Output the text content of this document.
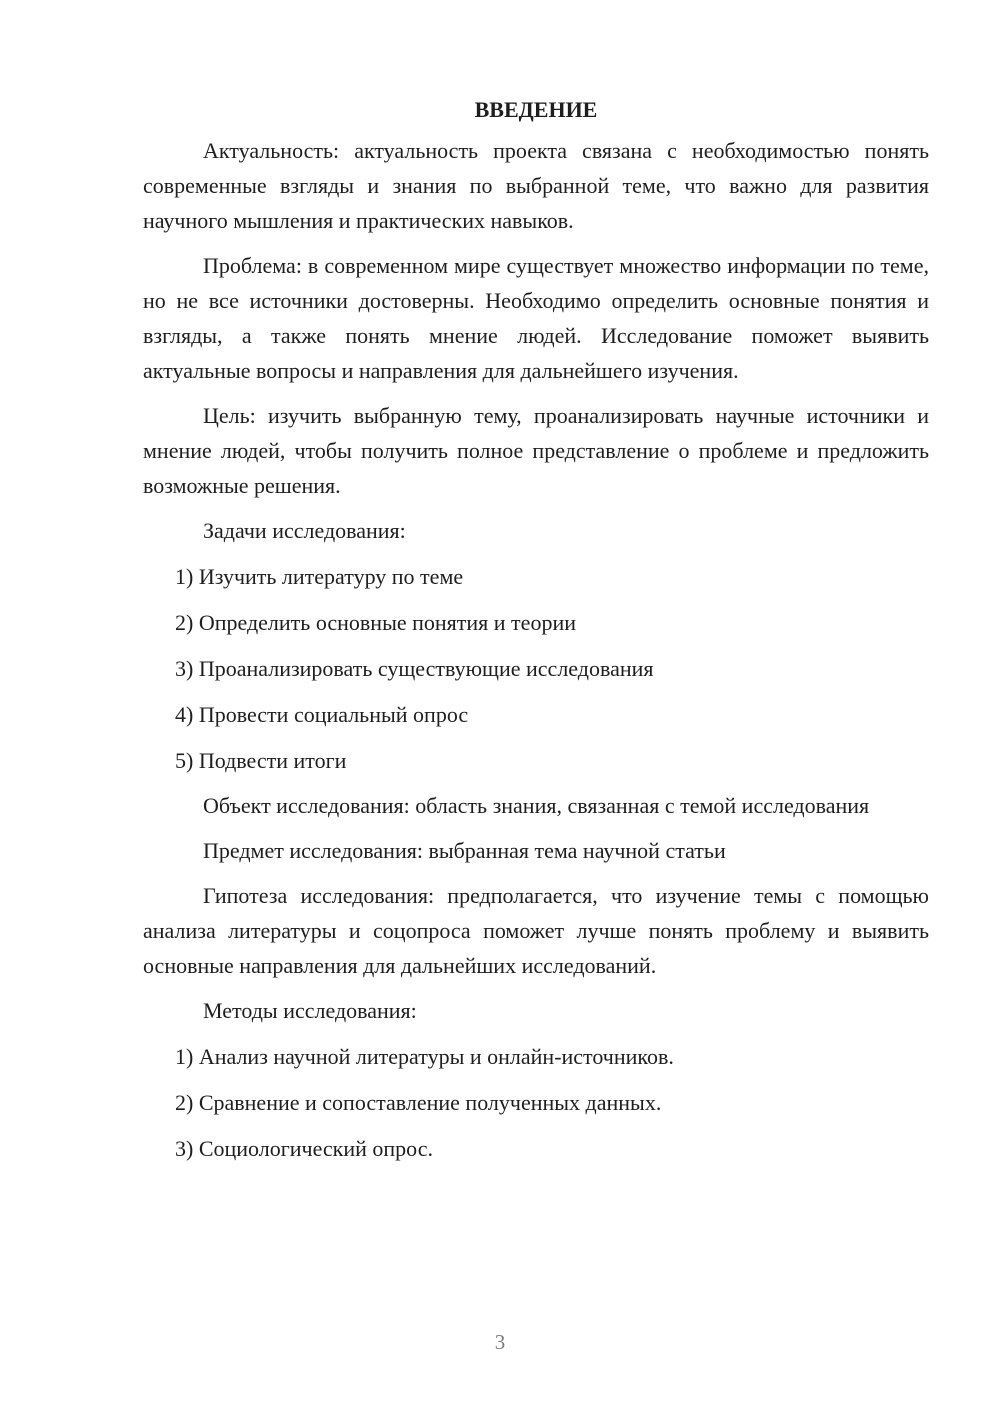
ВВЕДЕНИЕ

Актуальность: актуальность проекта связана с необходимостью понять современные взгляды и знания по выбранной теме, что важно для развития научного мышления и практических навыков.

Проблема: в современном мире существует множество информации по теме, но не все источники достоверны. Необходимо определить основные понятия и взгляды, а также понять мнение людей. Исследование поможет выявить актуальные вопросы и направления для дальнейшего изучения.

Цель: изучить выбранную тему, проанализировать научные источники и мнение людей, чтобы получить полное представление о проблеме и предложить возможные решения.

Задачи исследования:

1) Изучить литературу по теме
2) Определить основные понятия и теории
3) Проанализировать существующие исследования
4) Провести социальный опрос
5) Подвести итоги

Объект исследования: область знания, связанная с темой исследования

Предмет исследования: выбранная тема научной статьи

Гипотеза исследования: предполагается, что изучение темы с помощью анализа литературы и соцопроса поможет лучше понять проблему и выявить основные направления для дальнейших исследований.

Методы исследования:

1) Анализ научной литературы и онлайн-источников.
2) Сравнение и сопоставление полученных данных.
3) Социологический опрос.
3
